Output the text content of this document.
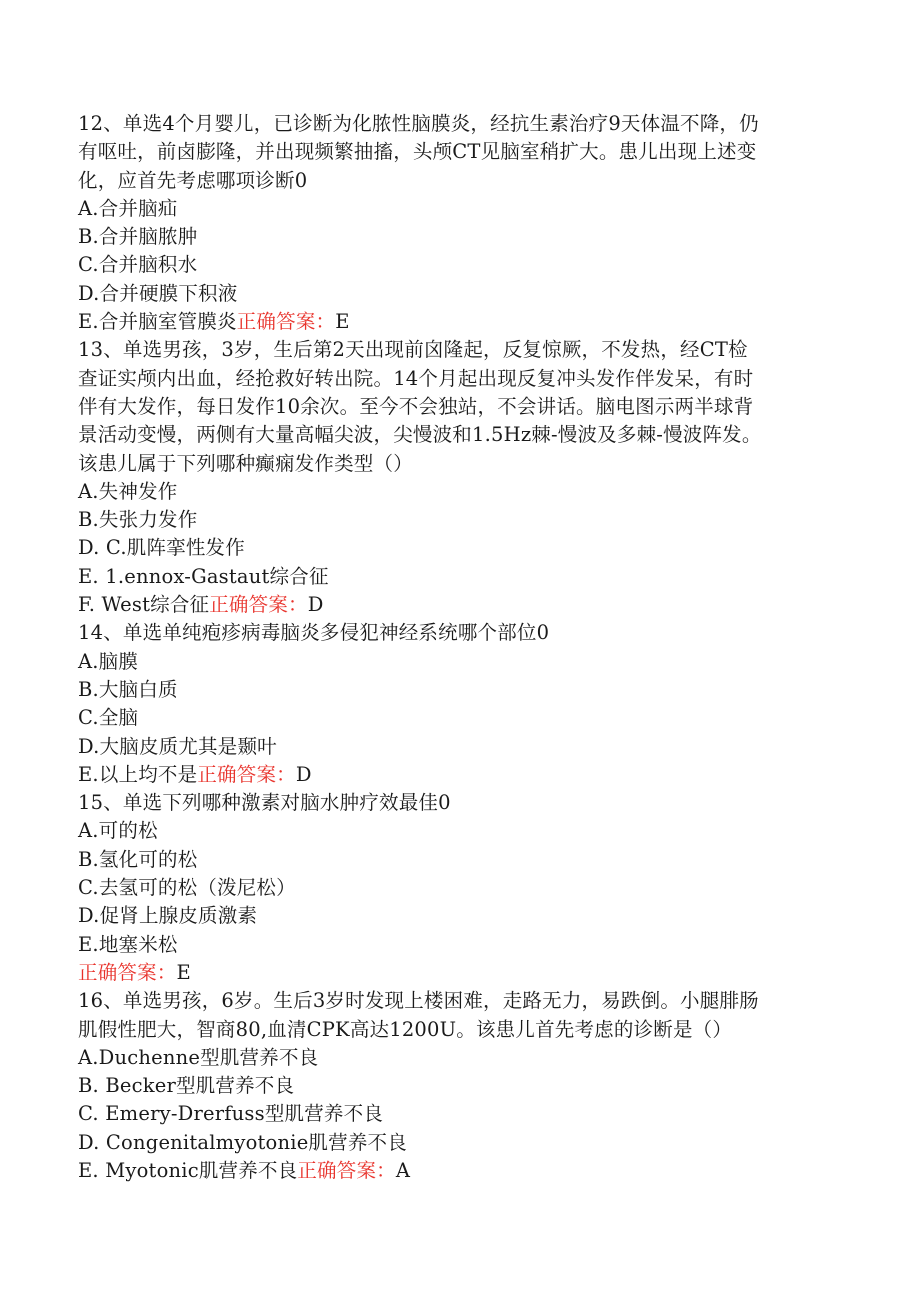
12、单选4个月婴儿，已诊断为化脓性脑膜炎，经抗生素治疗9天体温不降，仍
有呕吐，前卤膨隆，并出现频繁抽搐，头颅CT见脑室稍扩大。患儿出现上述变
化，应首先考虑哪项诊断0
A.合并脑疝
B.合并脑脓肿
C.合并脑积水
D.合并硬膜下积液
E.合并脑室管膜炎正确答案：E
13、单选男孩，3岁，生后第2天出现前囟隆起，反复惊厥，不发热，经CT检
查证实颅内出血，经抢救好转出院。14个月起出现反复冲头发作伴发呆，有时
伴有大发作，每日发作10余次。至今不会独站，不会讲话。脑电图示两半球背
景活动变慢，两侧有大量高幅尖波，尖慢波和1.5Hz棘-慢波及多棘-慢波阵发。
该患儿属于下列哪种癫痫发作类型（）
A.失神发作
B.失张力发作
D. C.肌阵挛性发作
E. 1.ennox-Gastaut综合征
F. West综合征正确答案：D
14、单选单纯疱疹病毒脑炎多侵犯神经系统哪个部位0
A.脑膜
B.大脑白质
C.全脑
D.大脑皮质尤其是颞叶
E.以上均不是正确答案：D
15、单选下列哪种激素对脑水肿疗效最佳0
A.可的松
B.氢化可的松
C.去氢可的松（泼尼松）
D.促肾上腺皮质激素
E.地塞米松
正确答案：E
16、单选男孩，6岁。生后3岁时发现上楼困难，走路无力，易跌倒。小腿腓肠
肌假性肥大，智商80,血清CPK高达1200U。该患儿首先考虑的诊断是（）
A.Duchenne型肌营养不良
B. Becker型肌营养不良
C. Emery-Drerfuss型肌营养不良
D. Congenitalmyotonie肌营养不良
E. Myotonic肌营养不良正确答案：A
